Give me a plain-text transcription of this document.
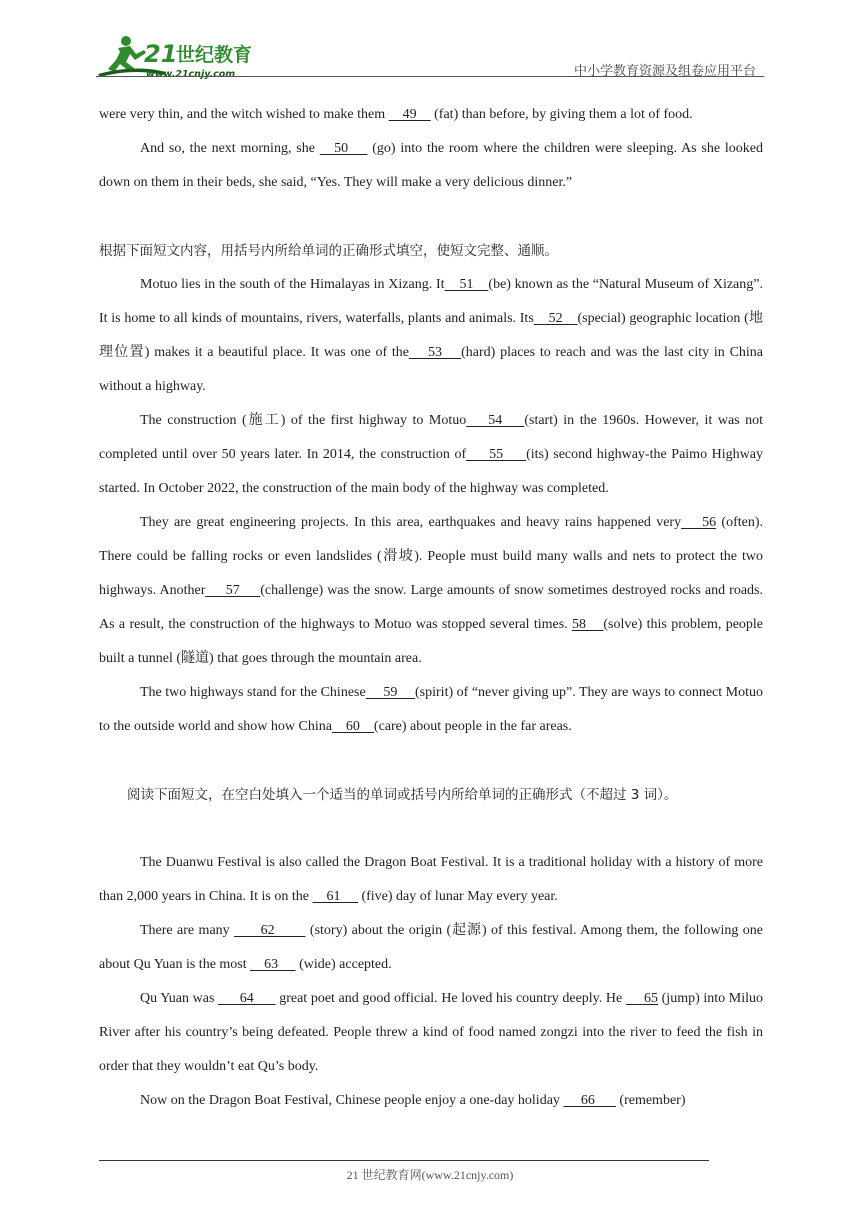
21
世纪教育
www.21cnjy.com	中小学教育资源及组卷应用平台

were very thin, and the witch wished to make them     49     (fat) than before, by giving them a lot of food.

And so, the next morning, she    50     (go) into the room where the children were sleeping. As she looked down on them in their beds, she said, “Yes. They will make a very delicious dinner.”

根据下面短文内容，用括号内所给单词的正确形式填空，使短文完整、通顺。

Motuo lies in the south of the Himalayas in Xizang. It    51    (be) known as the “Natural Museum of Xizang”. It is home to all kinds of mountains, rivers, waterfalls, plants and animals. Its    52    (special) geographic location (地理位置) makes it a beautiful place. It was one of the    53    (hard) places to reach and was the last city in China without a highway.

The construction (施工) of the first highway to Motuo    54    (start) in the 1960s. However, it was not completed until over 50 years later. In 2014, the construction of     55     (its) second highway-the Paimo Highway started. In October 2022, the construction of the main body of the highway was completed.

They are great engineering projects. In this area, earthquakes and heavy rains happened very    56 (often). There could be falling rocks or even landslides (滑坡). People must build many walls and nets to protect the two highways. Another     57     (challenge) was the snow. Large amounts of snow sometimes destroyed rocks and roads. As a result, the construction of the highways to Motuo was stopped several times. 58    (solve) this problem, people built a tunnel (隧道) that goes through the mountain area.

The two highways stand for the Chinese     59     (spirit) of “never giving up”. They are ways to connect Motuo to the outside world and show how China    60    (care) about people in the far areas.

阅读下面短文，在空白处填入一个适当的单词或括号内所给单词的正确形式（不超过 3 词）。

The Duanwu Festival is also called the Dragon Boat Festival. It is a traditional holiday with a history of more than 2,000 years in China. It is on the     61      (five) day of lunar May every year.

There are many       62        (story) about the origin (起源) of this festival. Among them, the following one about Qu Yuan is the most     63      (wide) accepted.

Qu Yuan was       64       great poet and good official. He loved his country deeply. He      65 (jump) into Miluo River after his country’s being defeated. People threw a kind of food named zongzi into the river to feed the fish in order that they wouldn’t eat Qu’s body.

Now on the Dragon Boat Festival, Chinese people enjoy a one-day holiday      66       (remember)

21 世纪教育网(www.21cnjy.com)
